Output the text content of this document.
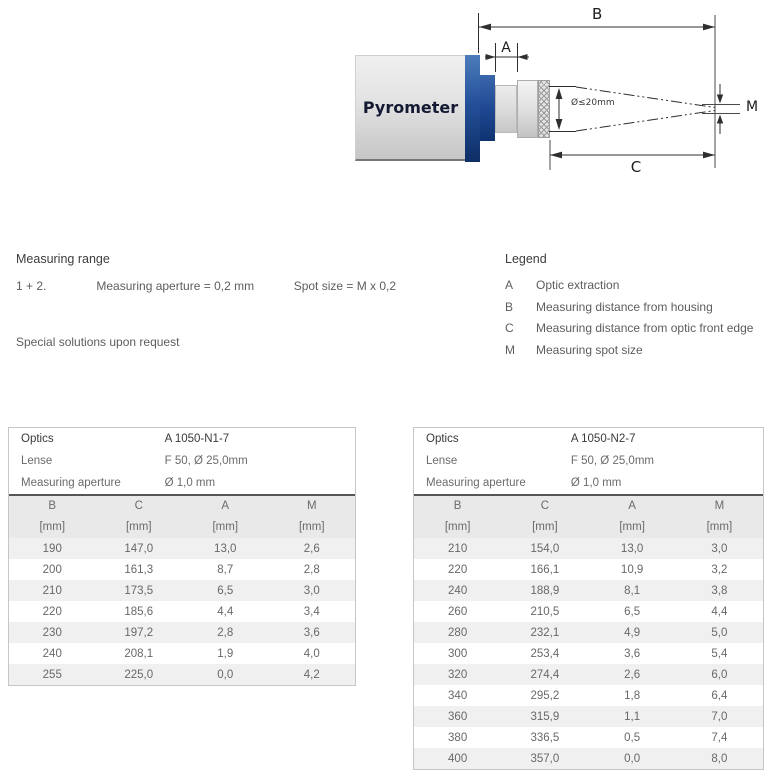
Pyrometer
B
A
C
M
Ø≤20mm
Measuring range
1 + 2.	Measuring aperture = 0,2 mm	Spot size = M x 0,2
Special solutions upon request
Legend
A	Optic extraction
B	Measuring distance from housing
C	Measuring distance from optic front edge
M	Measuring spot size
Optics	A 1050-N1-7
Lense	F 50, Ø 25,0mm
Measuring aperture	Ø 1,0 mm
B	C	A	M
[mm]	[mm]	[mm]	[mm]
190	147,0	13,0	2,6
200	161,3	8,7	2,8
210	173,5	6,5	3,0
220	185,6	4,4	3,4
230	197,2	2,8	3,6
240	208,1	1,9	4,0
255	225,0	0,0	4,2
Optics	A 1050-N2-7
Lense	F 50, Ø 25,0mm
Measuring aperture	Ø 1,0 mm
B	C	A	M
[mm]	[mm]	[mm]	[mm]
210	154,0	13,0	3,0
220	166,1	10,9	3,2
240	188,9	8,1	3,8
260	210,5	6,5	4,4
280	232,1	4,9	5,0
300	253,4	3,6	5,4
320	274,4	2,6	6,0
340	295,2	1,8	6,4
360	315,9	1,1	7,0
380	336,5	0,5	7,4
400	357,0	0,0	8,0
